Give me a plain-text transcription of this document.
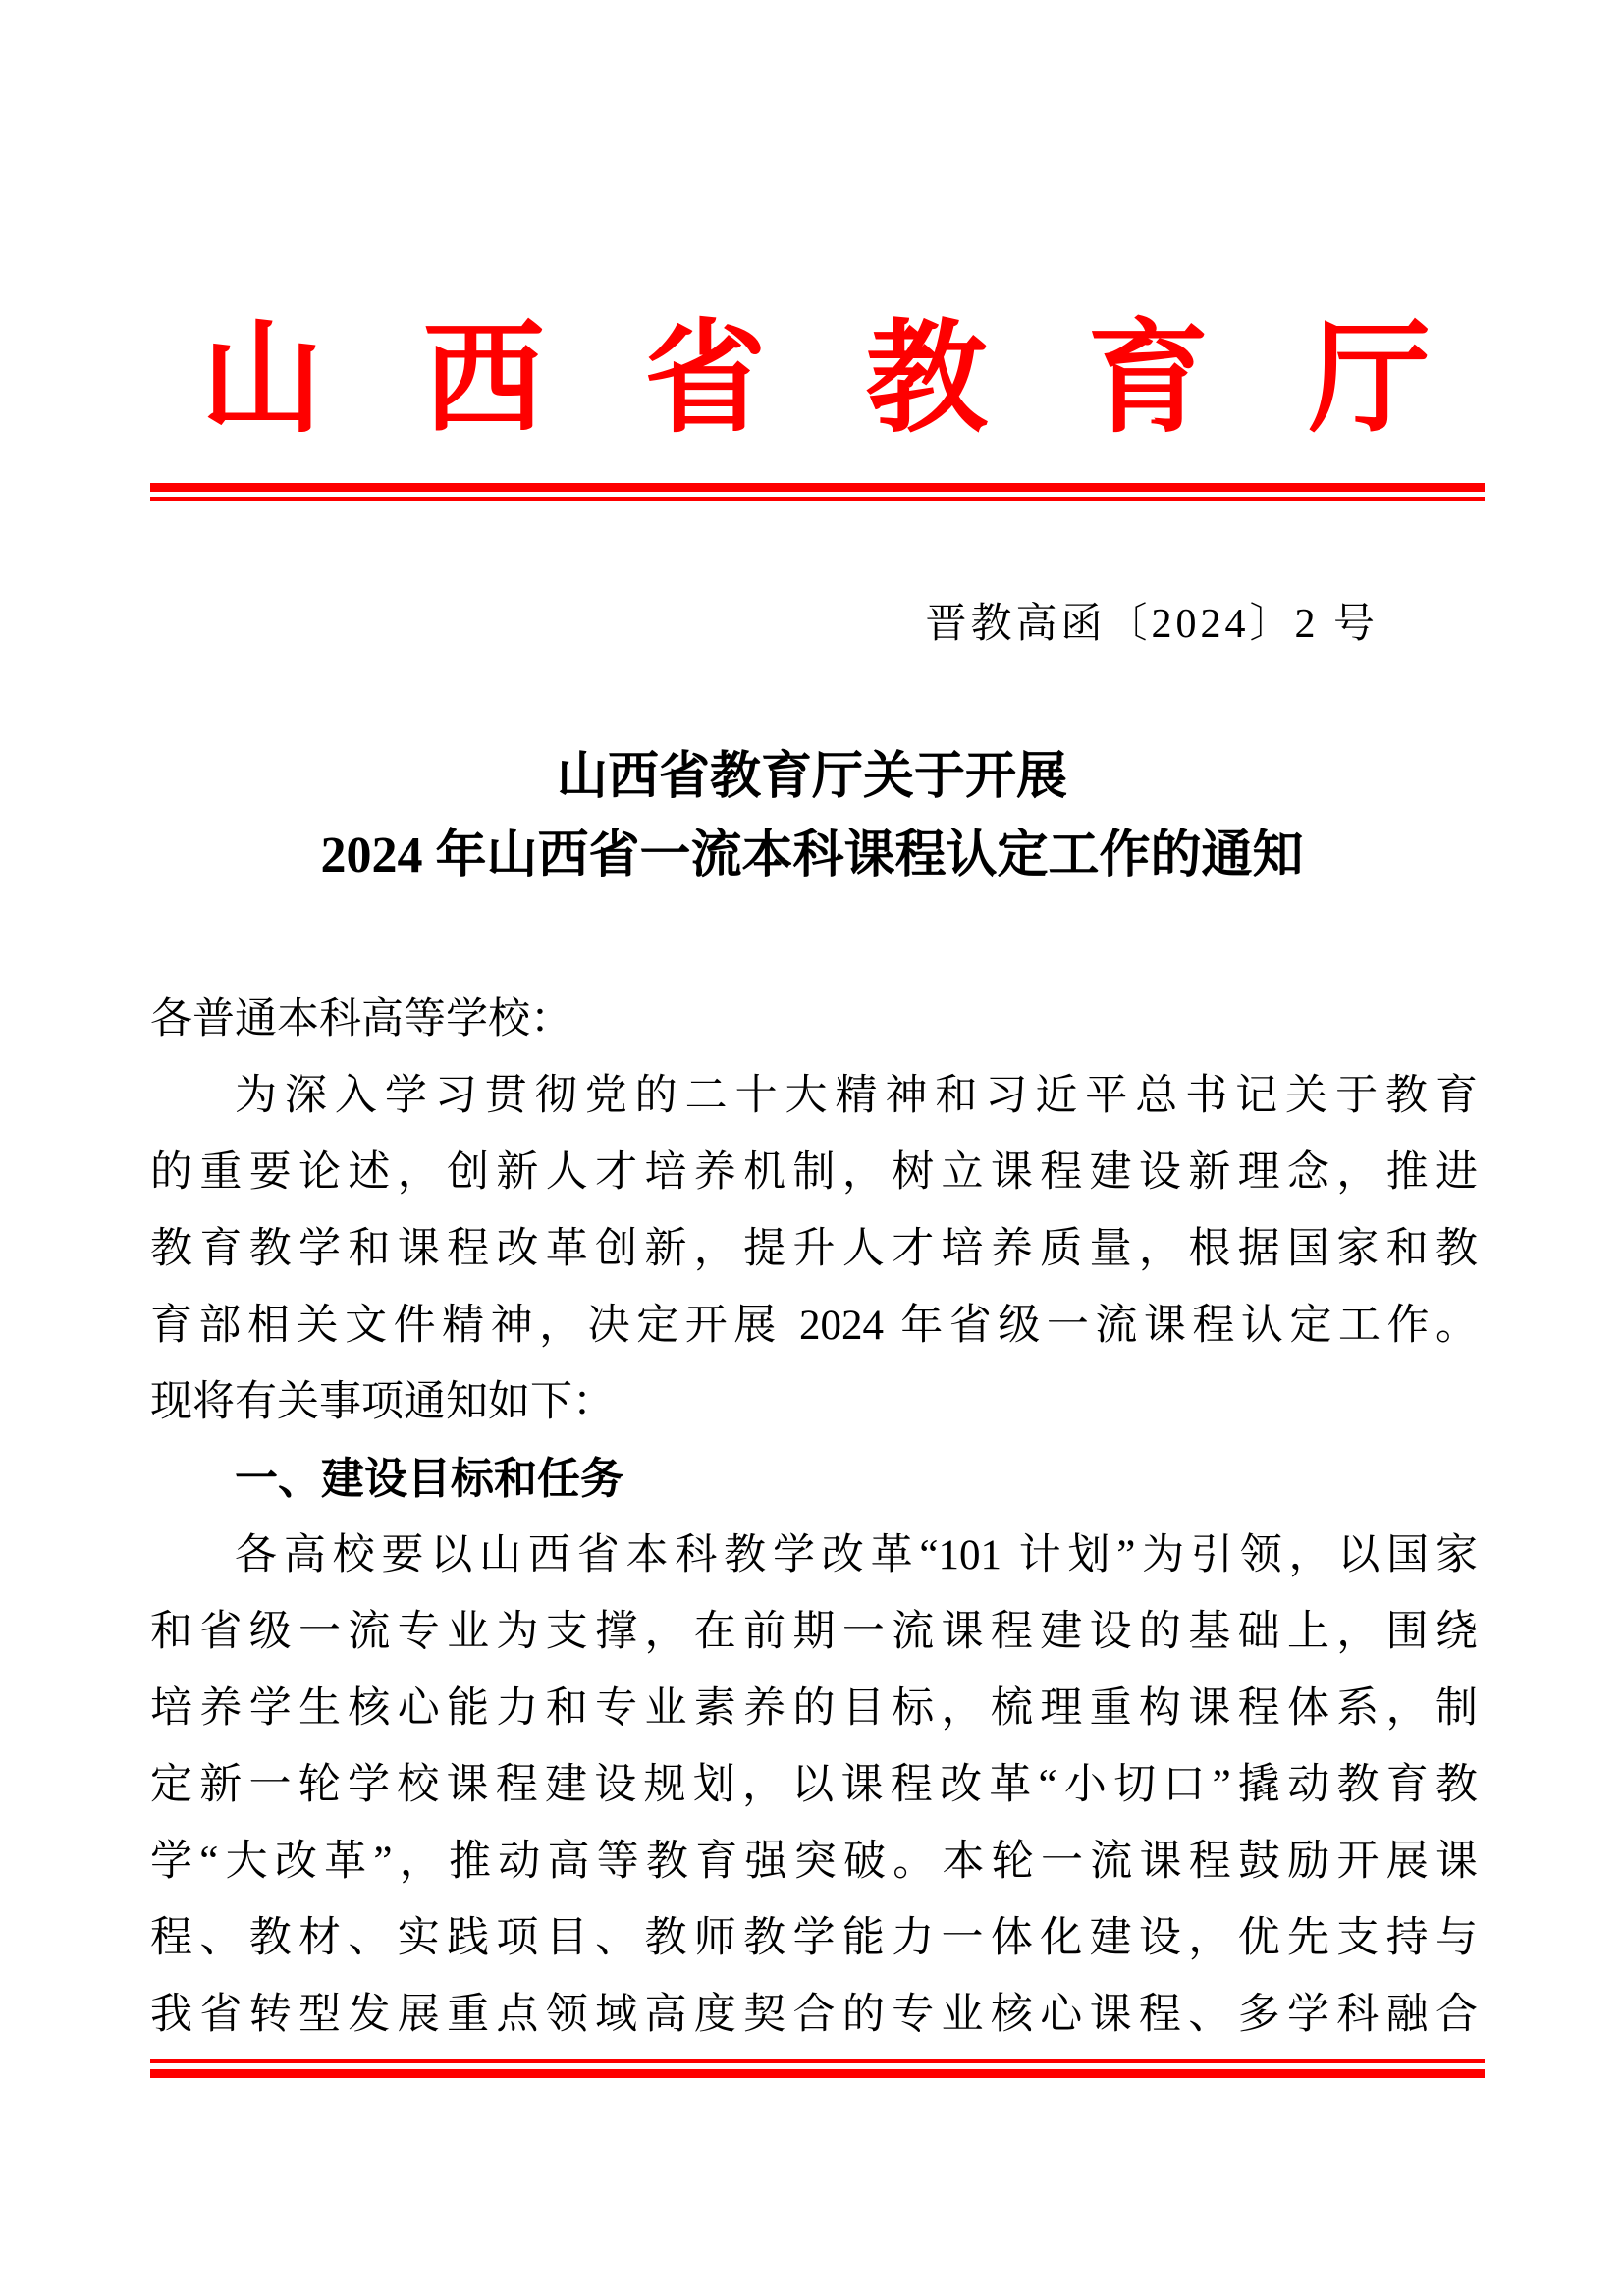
山 西 省 教 育 厅
晋教高函〔2024〕2 号
山西省教育厅关于开展
2024 年山西省一流本科课程认定工作的通知
各普通本科高等学校：
为深入学习贯彻党的二十大精神和习近平总书记关于教育
的重要论述，创新人才培养机制，树立课程建设新理念，推进
教育教学和课程改革创新，提升人才培养质量，根据国家和教
育部相关文件精神，决定开展 2024 年省级一流课程认定工作。
现将有关事项通知如下：
一、建设目标和任务
各高校要以山西省本科教学改革“101 计划”为引领，以国家
和省级一流专业为支撑，在前期一流课程建设的基础上，围绕
培养学生核心能力和专业素养的目标，梳理重构课程体系，制
定新一轮学校课程建设规划，以课程改革“小切口”撬动教育教
学“大改革”，推动高等教育强突破。本轮一流课程鼓励开展课
程、教材、实践项目、教师教学能力一体化建设，优先支持与
我省转型发展重点领域高度契合的专业核心课程、多学科融合
